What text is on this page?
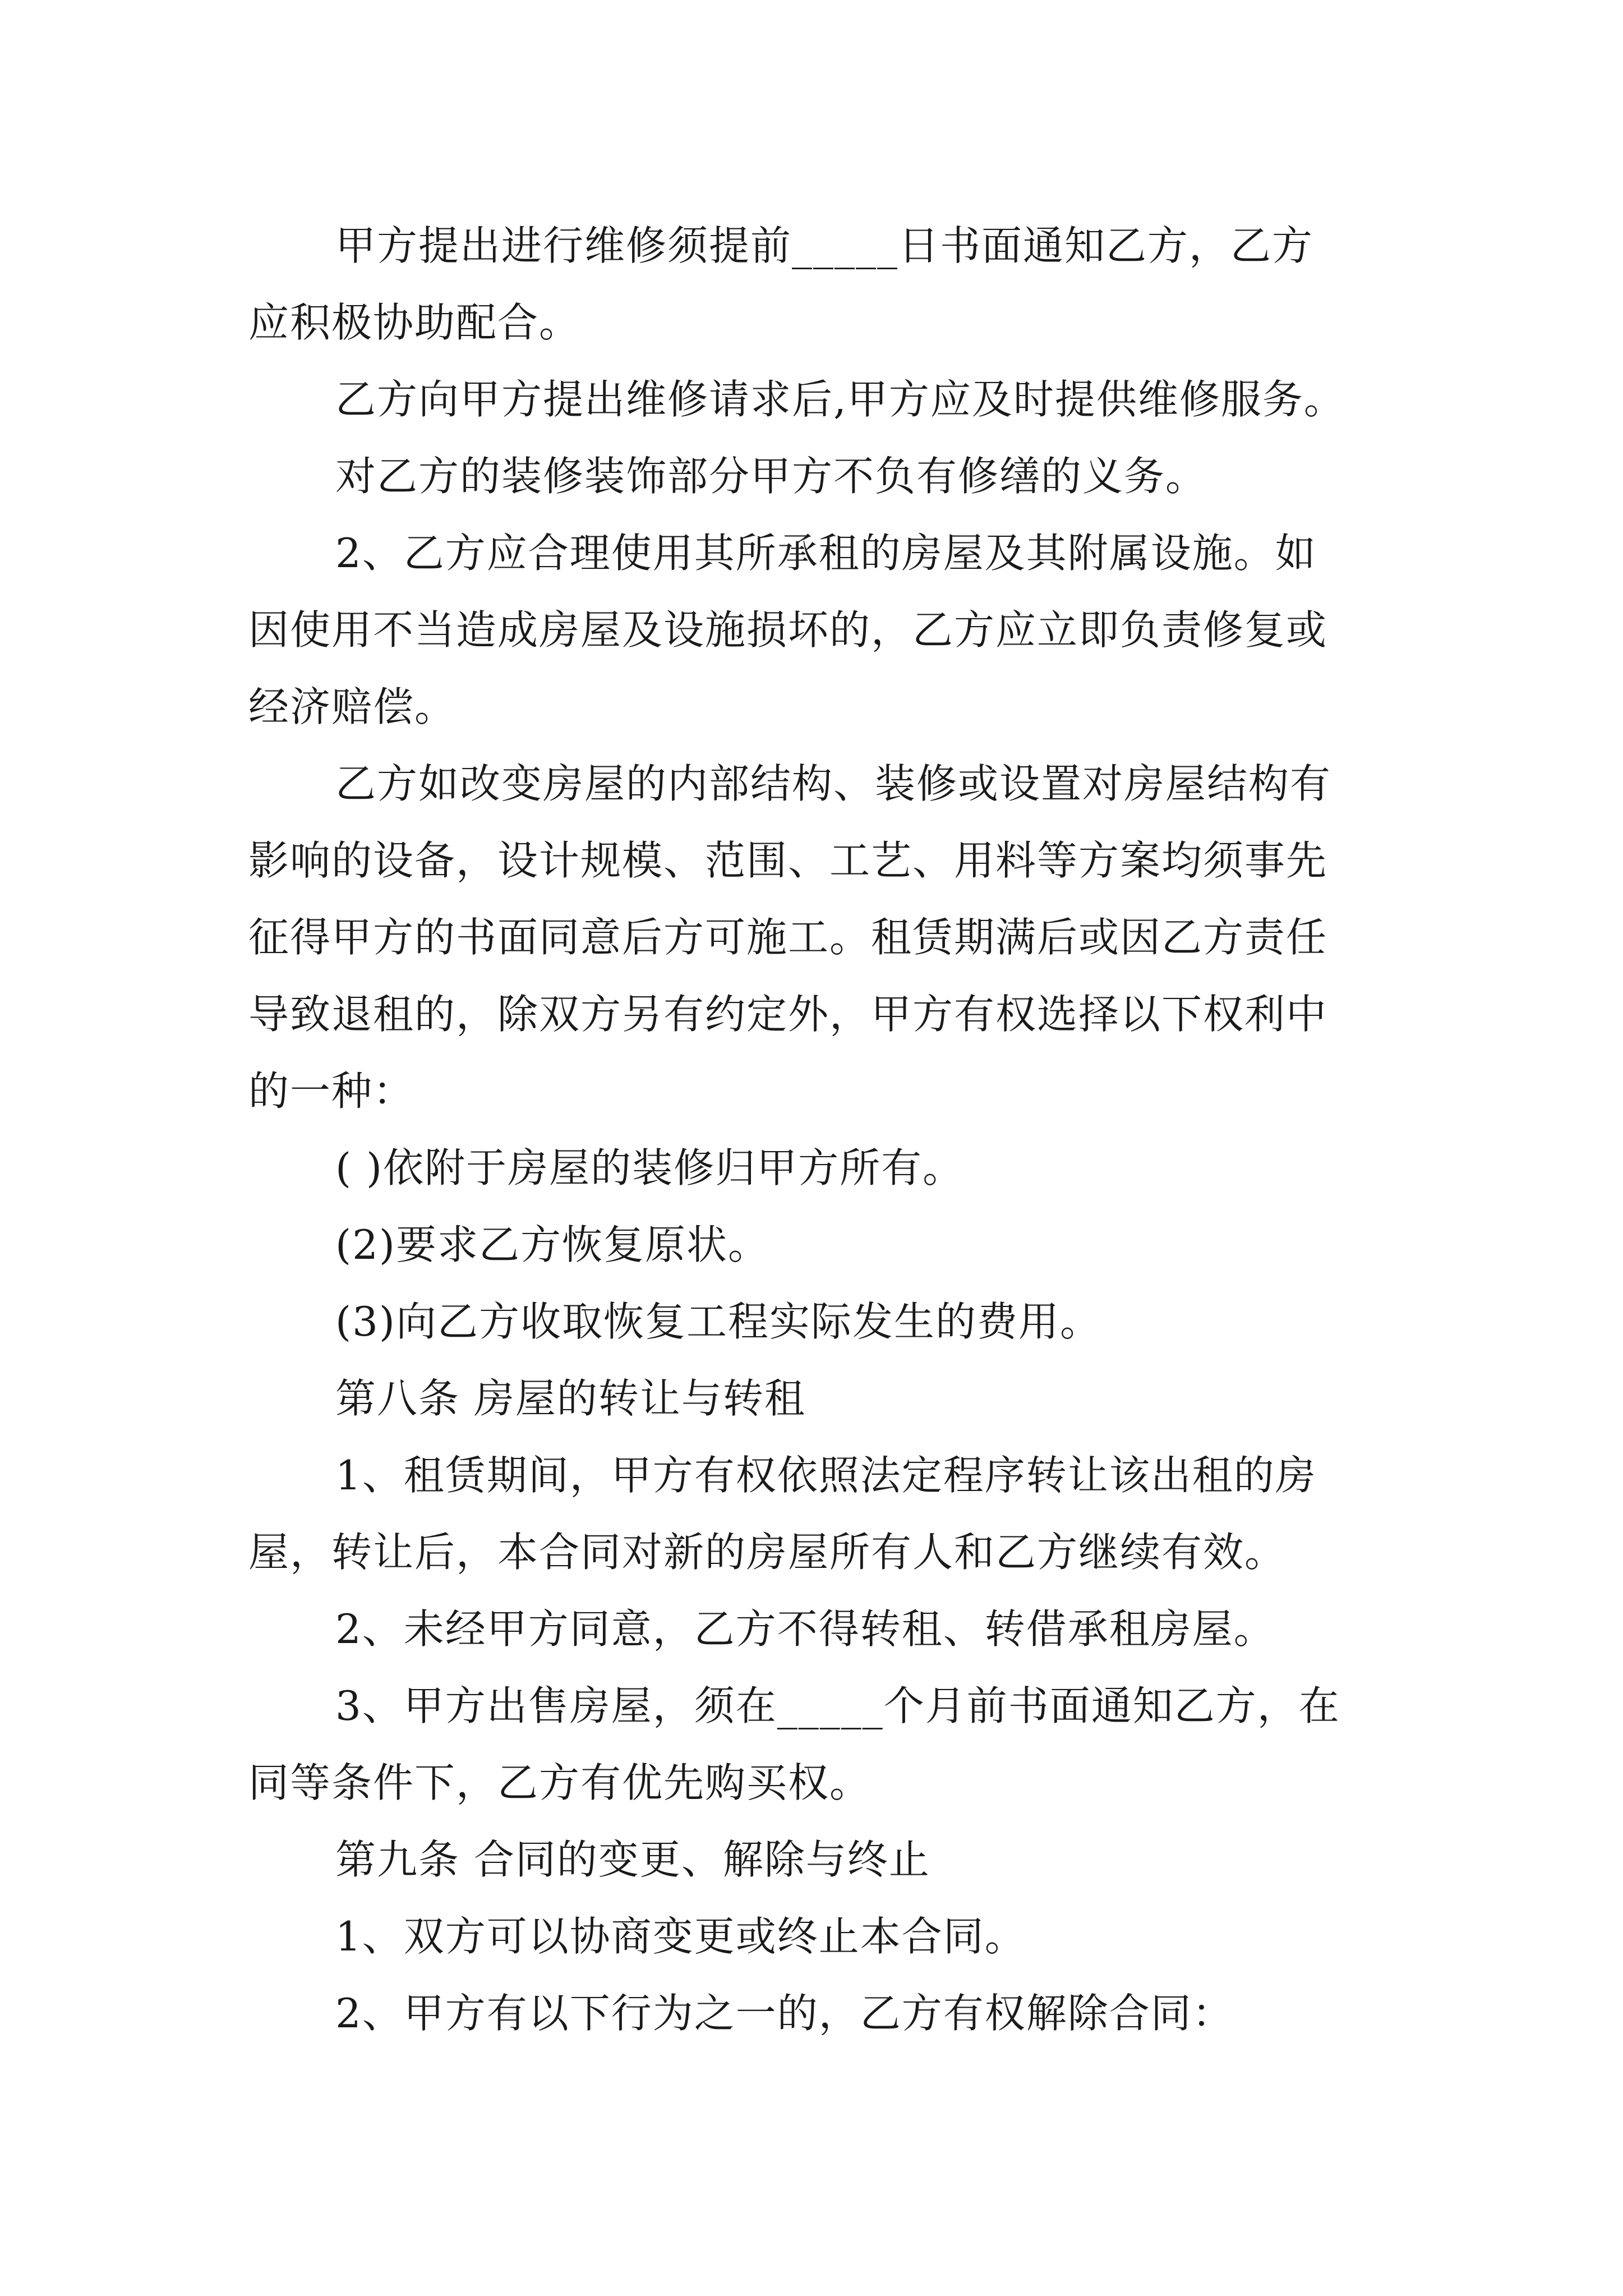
甲方提出进行维修须提前_____日书面通知乙方，乙方

应积极协助配合。

乙方向甲方提出维修请求后,甲方应及时提供维修服务。

对乙方的装修装饰部分甲方不负有修缮的义务。

2、乙方应合理使用其所承租的房屋及其附属设施。如

因使用不当造成房屋及设施损坏的，乙方应立即负责修复或

经济赔偿。

乙方如改变房屋的内部结构、装修或设置对房屋结构有

影响的设备，设计规模、范围、工艺、用料等方案均须事先

征得甲方的书面同意后方可施工。租赁期满后或因乙方责任

导致退租的，除双方另有约定外，甲方有权选择以下权利中

的一种：

( )依附于房屋的装修归甲方所有。

(2)要求乙方恢复原状。

(3)向乙方收取恢复工程实际发生的费用。

第八条 房屋的转让与转租

1、租赁期间，甲方有权依照法定程序转让该出租的房

屋，转让后，本合同对新的房屋所有人和乙方继续有效。

2、未经甲方同意，乙方不得转租、转借承租房屋。

3、甲方出售房屋，须在_____个月前书面通知乙方，在

同等条件下，乙方有优先购买权。

第九条 合同的变更、解除与终止

1、双方可以协商变更或终止本合同。

2、甲方有以下行为之一的，乙方有权解除合同：
